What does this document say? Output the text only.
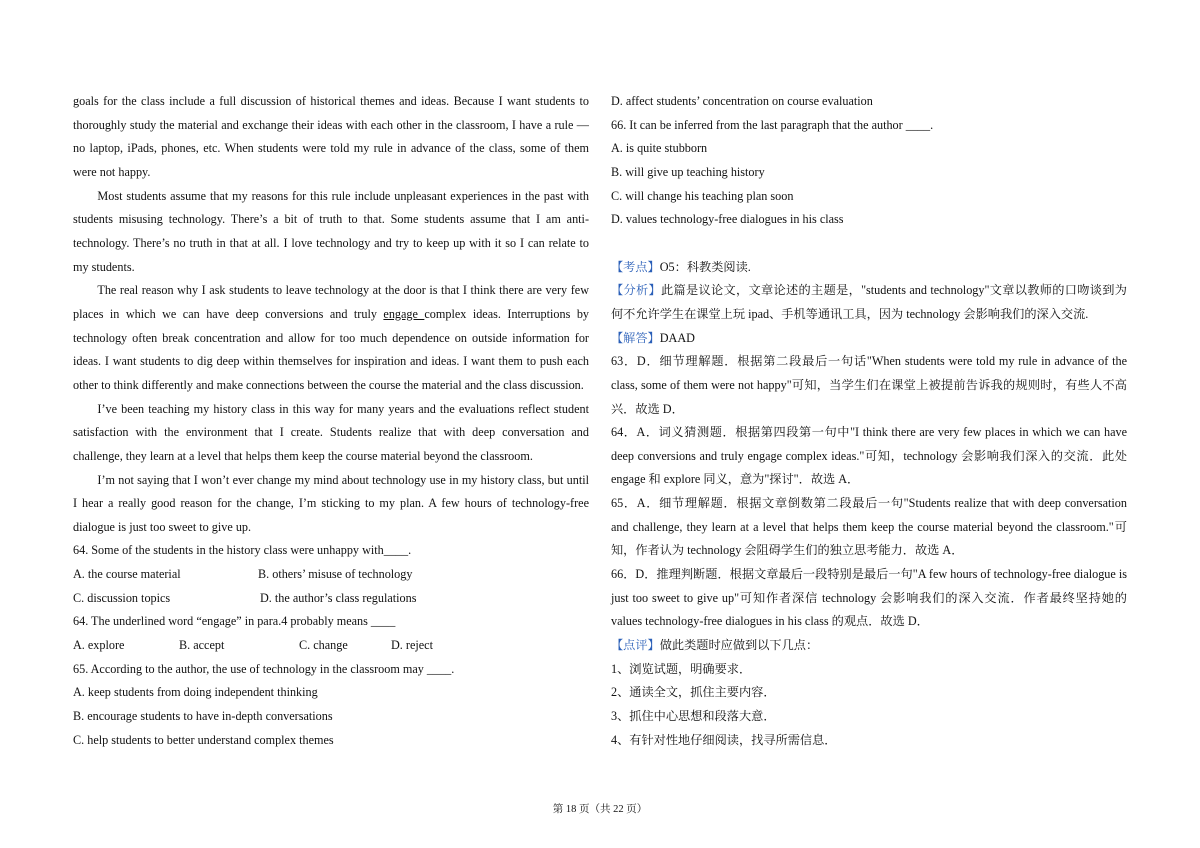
goals for the class include a full discussion of historical themes and ideas. Because I want students to thoroughly study the material and exchange their ideas with each other in the classroom, I have a rule — no laptop, iPads, phones, etc. When students were told my rule in advance of the class, some of them were not happy.

Most students assume that my reasons for this rule include unpleasant experiences in the past with students misusing technology. There’s a bit of truth to that. Some students assume that I am anti-technology. There’s no truth in that at all. I love technology and try to keep up with it so I can relate to my students.

The real reason why I ask students to leave technology at the door is that I think there are very few places in which we can have deep conversions and truly engage complex ideas. Interruptions by technology often break concentration and allow for too much dependence on outside information for ideas. I want students to dig deep within themselves for inspiration and ideas. I want them to push each other to think differently and make connections between the course the material and the class discussion.

I’ve been teaching my history class in this way for many years and the evaluations reflect student satisfaction with the environment that I create. Students realize that with deep conversation and challenge, they learn at a level that helps them keep the course material beyond the classroom.

I’m not saying that I won’t ever change my mind about technology use in my history class, but until I hear a really good reason for the change, I’m sticking to my plan. A few hours of technology-free dialogue is just too sweet to give up.

64. Some of the students in the history class were unhappy with____.

A. the course material	B. others’ misuse of technology
C. discussion topics	D. the author’s class regulations

64. The underlined word “engage” in para.4 probably means ____

A. explore	B. accept	C. change	D. reject

65. According to the author, the use of technology in the classroom may ____.

A. keep students from doing independent thinking

B. encourage students to have in-depth conversations

C. help students to better understand complex themes

D. affect students’ concentration on course evaluation

66. It can be inferred from the last paragraph that the author ____.

A. is quite stubborn

B. will give up teaching history

C. will change his teaching plan soon

D. values technology-free dialogues in his class

【考点】O5：科教类阅读.

【分析】此篇是议论文，文章论述的主题是，"students and technology"文章以教师的口吻谈到为何不允许学生在课堂上玩 ipad、手机等通讯工具，因为 technology 会影响我们的深入交流.

【解答】DAAD

63．D．细节理解题．根据第二段最后一句话"When students were told my rule in advance of the class, some of them were not happy"可知，当学生们在课堂上被提前告诉我的规则时，有些人不高兴．故选 D．

64．A．词义猜测题．根据第四段第一句中"I think there are very few places in which we can have deep conversions and truly engage complex ideas."可知，technology 会影响我们深入的交流．此处 engage 和 explore 同义，意为"探讨"．故选 A．

65．A．细节理解题．根据文章倒数第二段最后一句"Students realize that with deep conversation and challenge, they learn at a level that helps them keep the course material beyond the classroom."可知，作者认为 technology 会阻碍学生们的独立思考能力．故选 A．

66．D．推理判断题．根据文章最后一段特别是最后一句"A few hours of technology-free dialogue is just too sweet to give up"可知作者深信 technology 会影响我们的深入交流．作者最终坚持她的 values technology-free dialogues in his class 的观点．故选 D．

【点评】做此类题时应做到以下几点：

1、浏览试题，明确要求．

2、通读全文，抓住主要内容．

3、抓住中心思想和段落大意．

4、有针对性地仔细阅读，找寻所需信息．

第 18 页（共 22 页）
